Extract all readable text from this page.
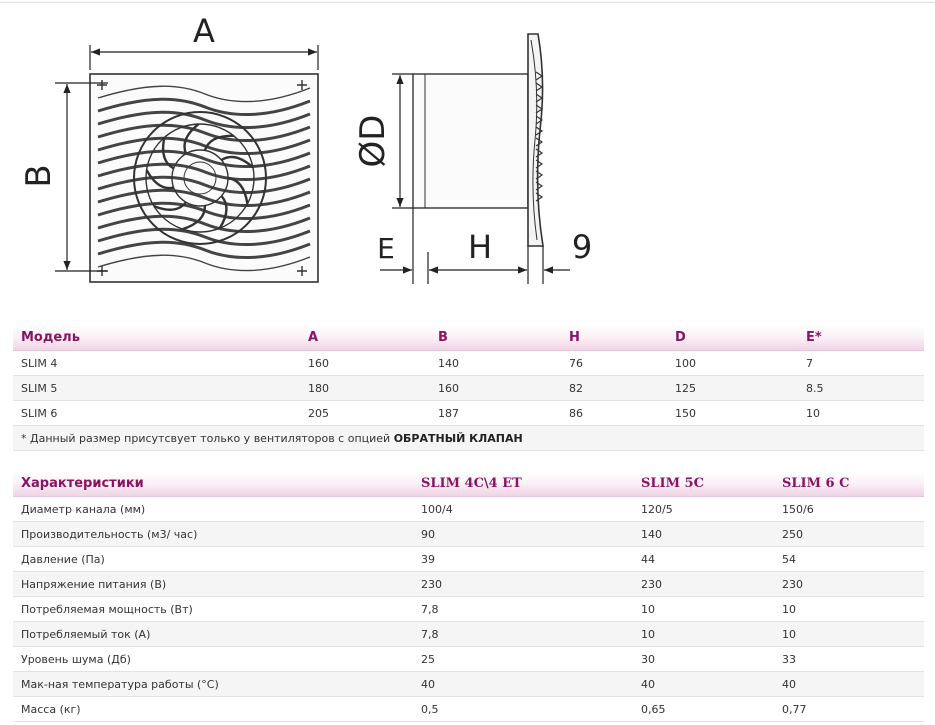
A
B
ØD
E H 9
Модель	A	B	H	D	Е*
SLIM 4	160	140	76	100	7
SLIM 5	180	160	82	125	8.5
SLIM 6	205	187	86	150	10
* Данный размер присутсвует только у вентиляторов с опцией ОБРАТНЫЙ КЛАПАН					
Характеристики	SLIM 4C\4 ET	SLIM 5C	SLIM 6 C
Диаметр канала (мм)	100/4	120/5	150/6
Производительность (м3/ час)	90	140	250
Давление (Па)	39	44	54
Напряжение питания (В)	230	230	230
Потребляемая мощность (Вт)	7,8	10	10
Потребляемый ток (А)	7,8	10	10
Уровень шума (Дб)	25	30	33
Мак-ная температура работы (°С)	40	40	40
Масса (кг)	0,5	0,65	0,77
